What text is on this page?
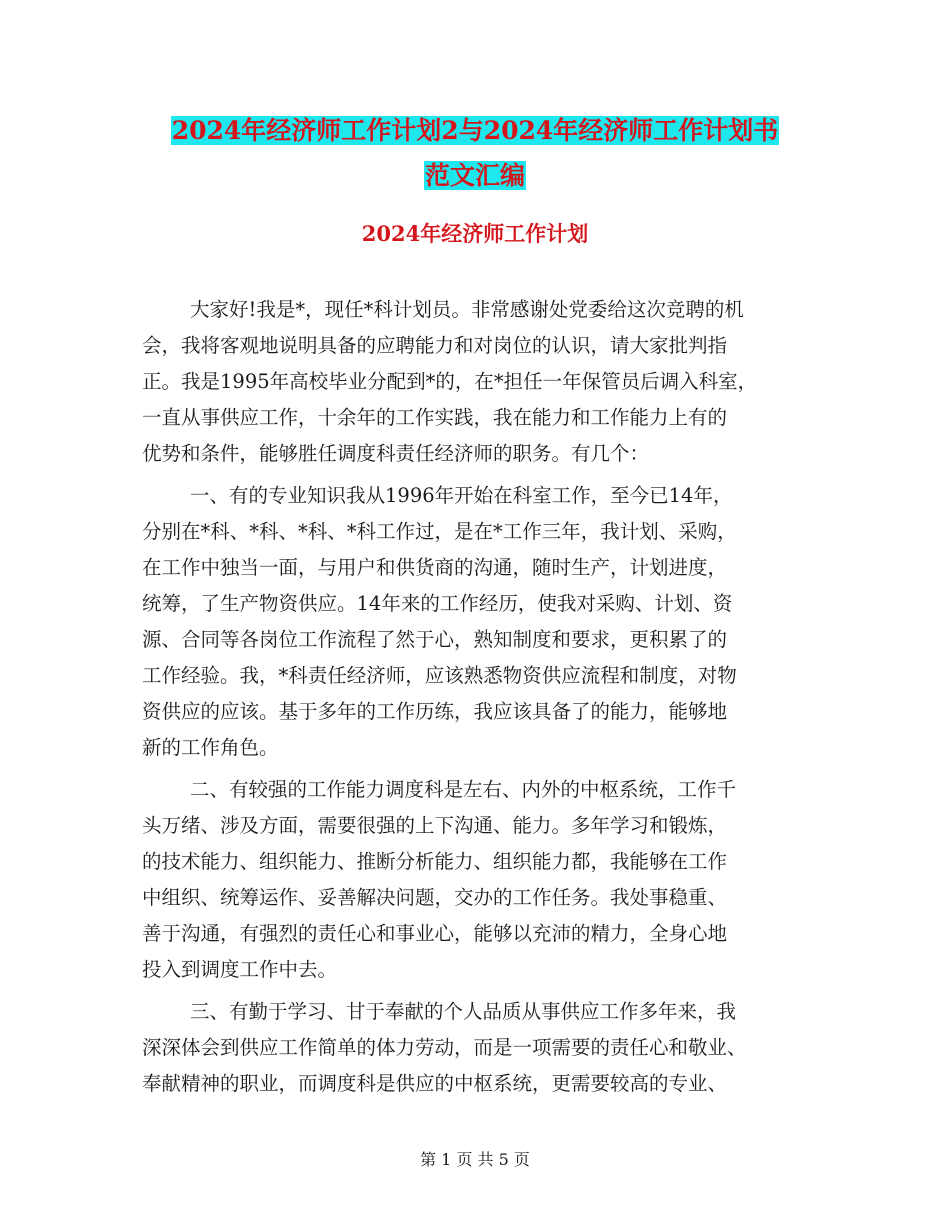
2024年经济师工作计划2与2024年经济师工作计划书
范文汇编
2024年经济师工作计划
大家好!我是*，现任*科计划员。非常感谢处党委给这次竞聘的机
会，我将客观地说明具备的应聘能力和对岗位的认识，请大家批判指
正。我是1995年高校毕业分配到*的，在*担任一年保管员后调入科室，
一直从事供应工作，十余年的工作实践，我在能力和工作能力上有的
优势和条件，能够胜任调度科责任经济师的职务。有几个：
一、有的专业知识我从1996年开始在科室工作，至今已14年，
分别在*科、*科、*科、*科工作过，是在*工作三年，我计划、采购，
在工作中独当一面，与用户和供货商的沟通，随时生产，计划进度，
统筹，了生产物资供应。14年来的工作经历，使我对采购、计划、资
源、合同等各岗位工作流程了然于心，熟知制度和要求，更积累了的
工作经验。我，*科责任经济师，应该熟悉物资供应流程和制度，对物
资供应的应该。基于多年的工作历练，我应该具备了的能力，能够地
新的工作角色。
二、有较强的工作能力调度科是左右、内外的中枢系统，工作千
头万绪、涉及方面，需要很强的上下沟通、能力。多年学习和锻炼，
的技术能力、组织能力、推断分析能力、组织能力都，我能够在工作
中组织、统筹运作、妥善解决问题，交办的工作任务。我处事稳重、
善于沟通，有强烈的责任心和事业心，能够以充沛的精力，全身心地
投入到调度工作中去。
三、有勤于学习、甘于奉献的个人品质从事供应工作多年来，我
深深体会到供应工作简单的体力劳动，而是一项需要的责任心和敬业、
奉献精神的职业，而调度科是供应的中枢系统，更需要较高的专业、
第 1 页 共 5 页
